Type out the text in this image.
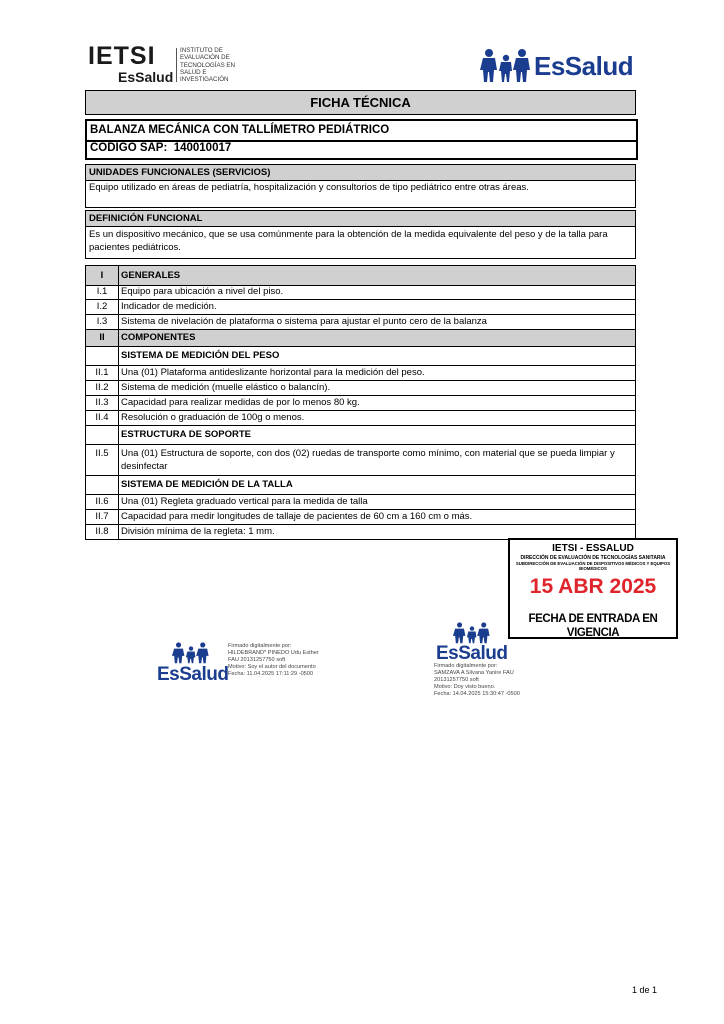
IETSI
EsSalud
INSTITUTO DE EVALUACIÓN DE TECNOLOGÍAS EN SALUD E INVESTIGACIÓN	EsSalud
FICHA TÉCNICA
BALANZA MECÁNICA CON TALLÍMETRO PEDIÁTRICO
CODIGO SAP: 140010017
UNIDADES FUNCIONALES (SERVICIOS)
Equipo utilizado en áreas de pediatría, hospitalización y consultorios de tipo pediátrico entre otras áreas.
DEFINICIÓN FUNCIONAL
Es un dispositivo mecánico, que se usa comúnmente para la obtención de la medida equivalente del peso y de la talla para pacientes pediátricos.
I	GENERALES
I.1	Equipo para ubicación a nivel del piso.
I.2	Indicador de medición.
I.3	Sistema de nivelación de plataforma o sistema para ajustar el punto cero de la balanza
II	COMPONENTES
SISTEMA DE MEDICIÓN DEL PESO
II.1	Una (01) Plataforma antideslizante horizontal para la medición del peso.
II.2	Sistema de medición (muelle elástico o balancín).
II.3	Capacidad para realizar medidas de por lo menos 80 kg.
II.4	Resolución o graduación de 100g o menos.
ESTRUCTURA DE SOPORTE
II.5	Una (01) Estructura de soporte, con dos (02) ruedas de transporte como mínimo, con material que se pueda limpiar y desinfectar
SISTEMA DE MEDICIÓN DE LA TALLA
II.6	Una (01) Regleta graduado vertical para la medida de talla
II.7	Capacidad para medir longitudes de tallaje de pacientes de 60 cm a 160 cm o más.
II.8	División mínima de la regleta: 1 mm.
IETSI - ESSALUD
DIRECCIÓN DE EVALUACIÓN DE TECNOLOGÍAS SANITARIA
SUBDIRECCIÓN DE EVALUACIÓN DE DISPOSITIVOS MÉDICOS Y EQUIPOS BIOMÉDICOS
15 ABR 2025
FECHA DE ENTRADA EN VIGENCIA
EsSalud
Firmado digitalmente por:
HILDEBRAND* PINEDO Udu Esther
FAU 20131257750 soft
Motivo: Soy el autor del documento
Fecha: 11.04.2025 17:11:29 -0500
EsSalud
Firmado digitalmente por:
SAMZAVA A Silvana Yanire FAU
20131257750 soft
Motivo: Doy visto bueno.
Fecha: 14.04.2025 15:30:47 -0500
1 de 1
